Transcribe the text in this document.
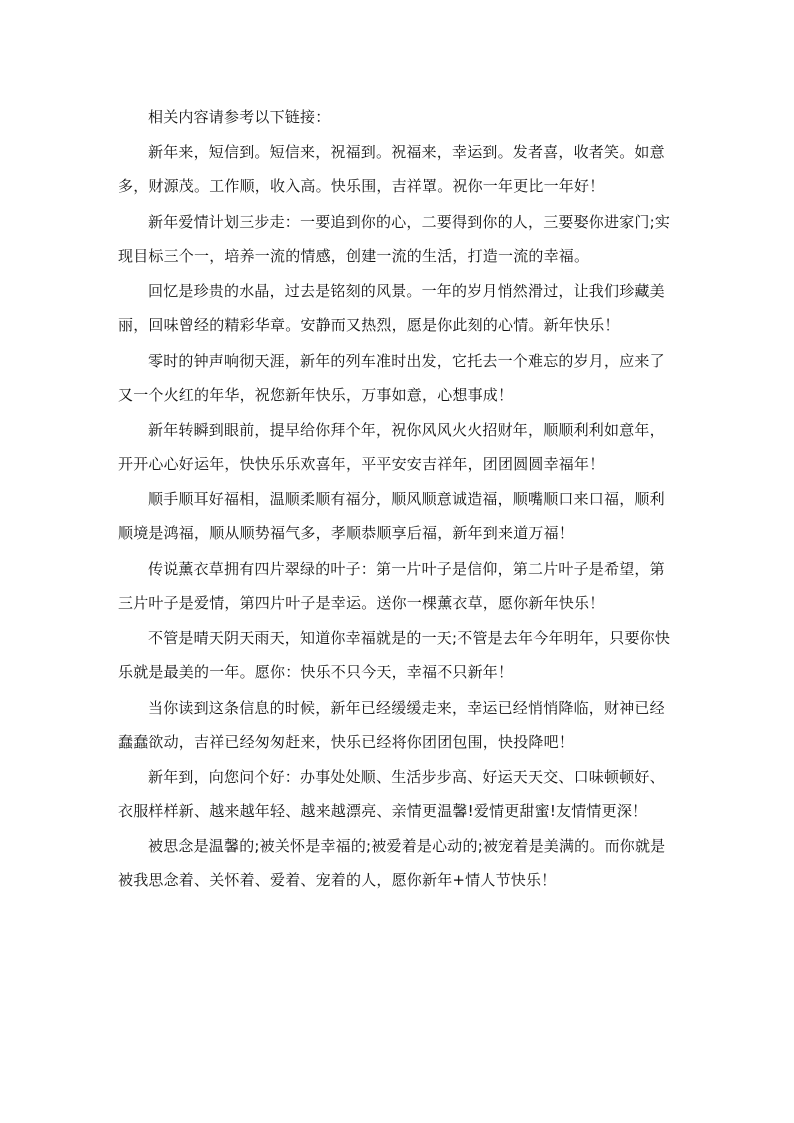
相关内容请参考以下链接：

新年来，短信到。短信来，祝福到。祝福来，幸运到。发者喜，收者笑。如意多，财源茂。工作顺，收入高。快乐围，吉祥罩。祝你一年更比一年好！

新年爱情计划三步走：一要追到你的心，二要得到你的人，三要娶你进家门;实现目标三个一，培养一流的情感，创建一流的生活，打造一流的幸福。

回忆是珍贵的水晶，过去是铭刻的风景。一年的岁月悄然滑过，让我们珍藏美丽，回味曾经的精彩华章。安静而又热烈，愿是你此刻的心情。新年快乐！

零时的钟声响彻天涯，新年的列车准时出发，它托去一个难忘的岁月，应来了又一个火红的年华，祝您新年快乐，万事如意，心想事成！

新年转瞬到眼前，提早给你拜个年，祝你风风火火招财年，顺顺利利如意年，开开心心好运年，快快乐乐欢喜年，平平安安吉祥年，团团圆圆幸福年！

顺手顺耳好福相，温顺柔顺有福分，顺风顺意诚造福，顺嘴顺口来口福，顺利顺境是鸿福，顺从顺势福气多，孝顺恭顺享后福，新年到来道万福！

传说薰衣草拥有四片翠绿的叶子：第一片叶子是信仰，第二片叶子是希望，第三片叶子是爱情，第四片叶子是幸运。送你一棵薰衣草，愿你新年快乐！

不管是晴天阴天雨天，知道你幸福就是的一天;不管是去年今年明年，只要你快乐就是最美的一年。愿你：快乐不只今天，幸福不只新年！

当你读到这条信息的时候，新年已经缓缓走来，幸运已经悄悄降临，财神已经蠢蠢欲动，吉祥已经匆匆赶来，快乐已经将你团团包围，快投降吧！

新年到，向您问个好：办事处处顺、生活步步高、好运天天交、口味顿顿好、衣服样样新、越来越年轻、越来越漂亮、亲情更温馨!爱情更甜蜜!友情情更深！

被思念是温馨的;被关怀是幸福的;被爱着是心动的;被宠着是美满的。而你就是被我思念着、关怀着、爱着、宠着的人，愿你新年+情人节快乐！
